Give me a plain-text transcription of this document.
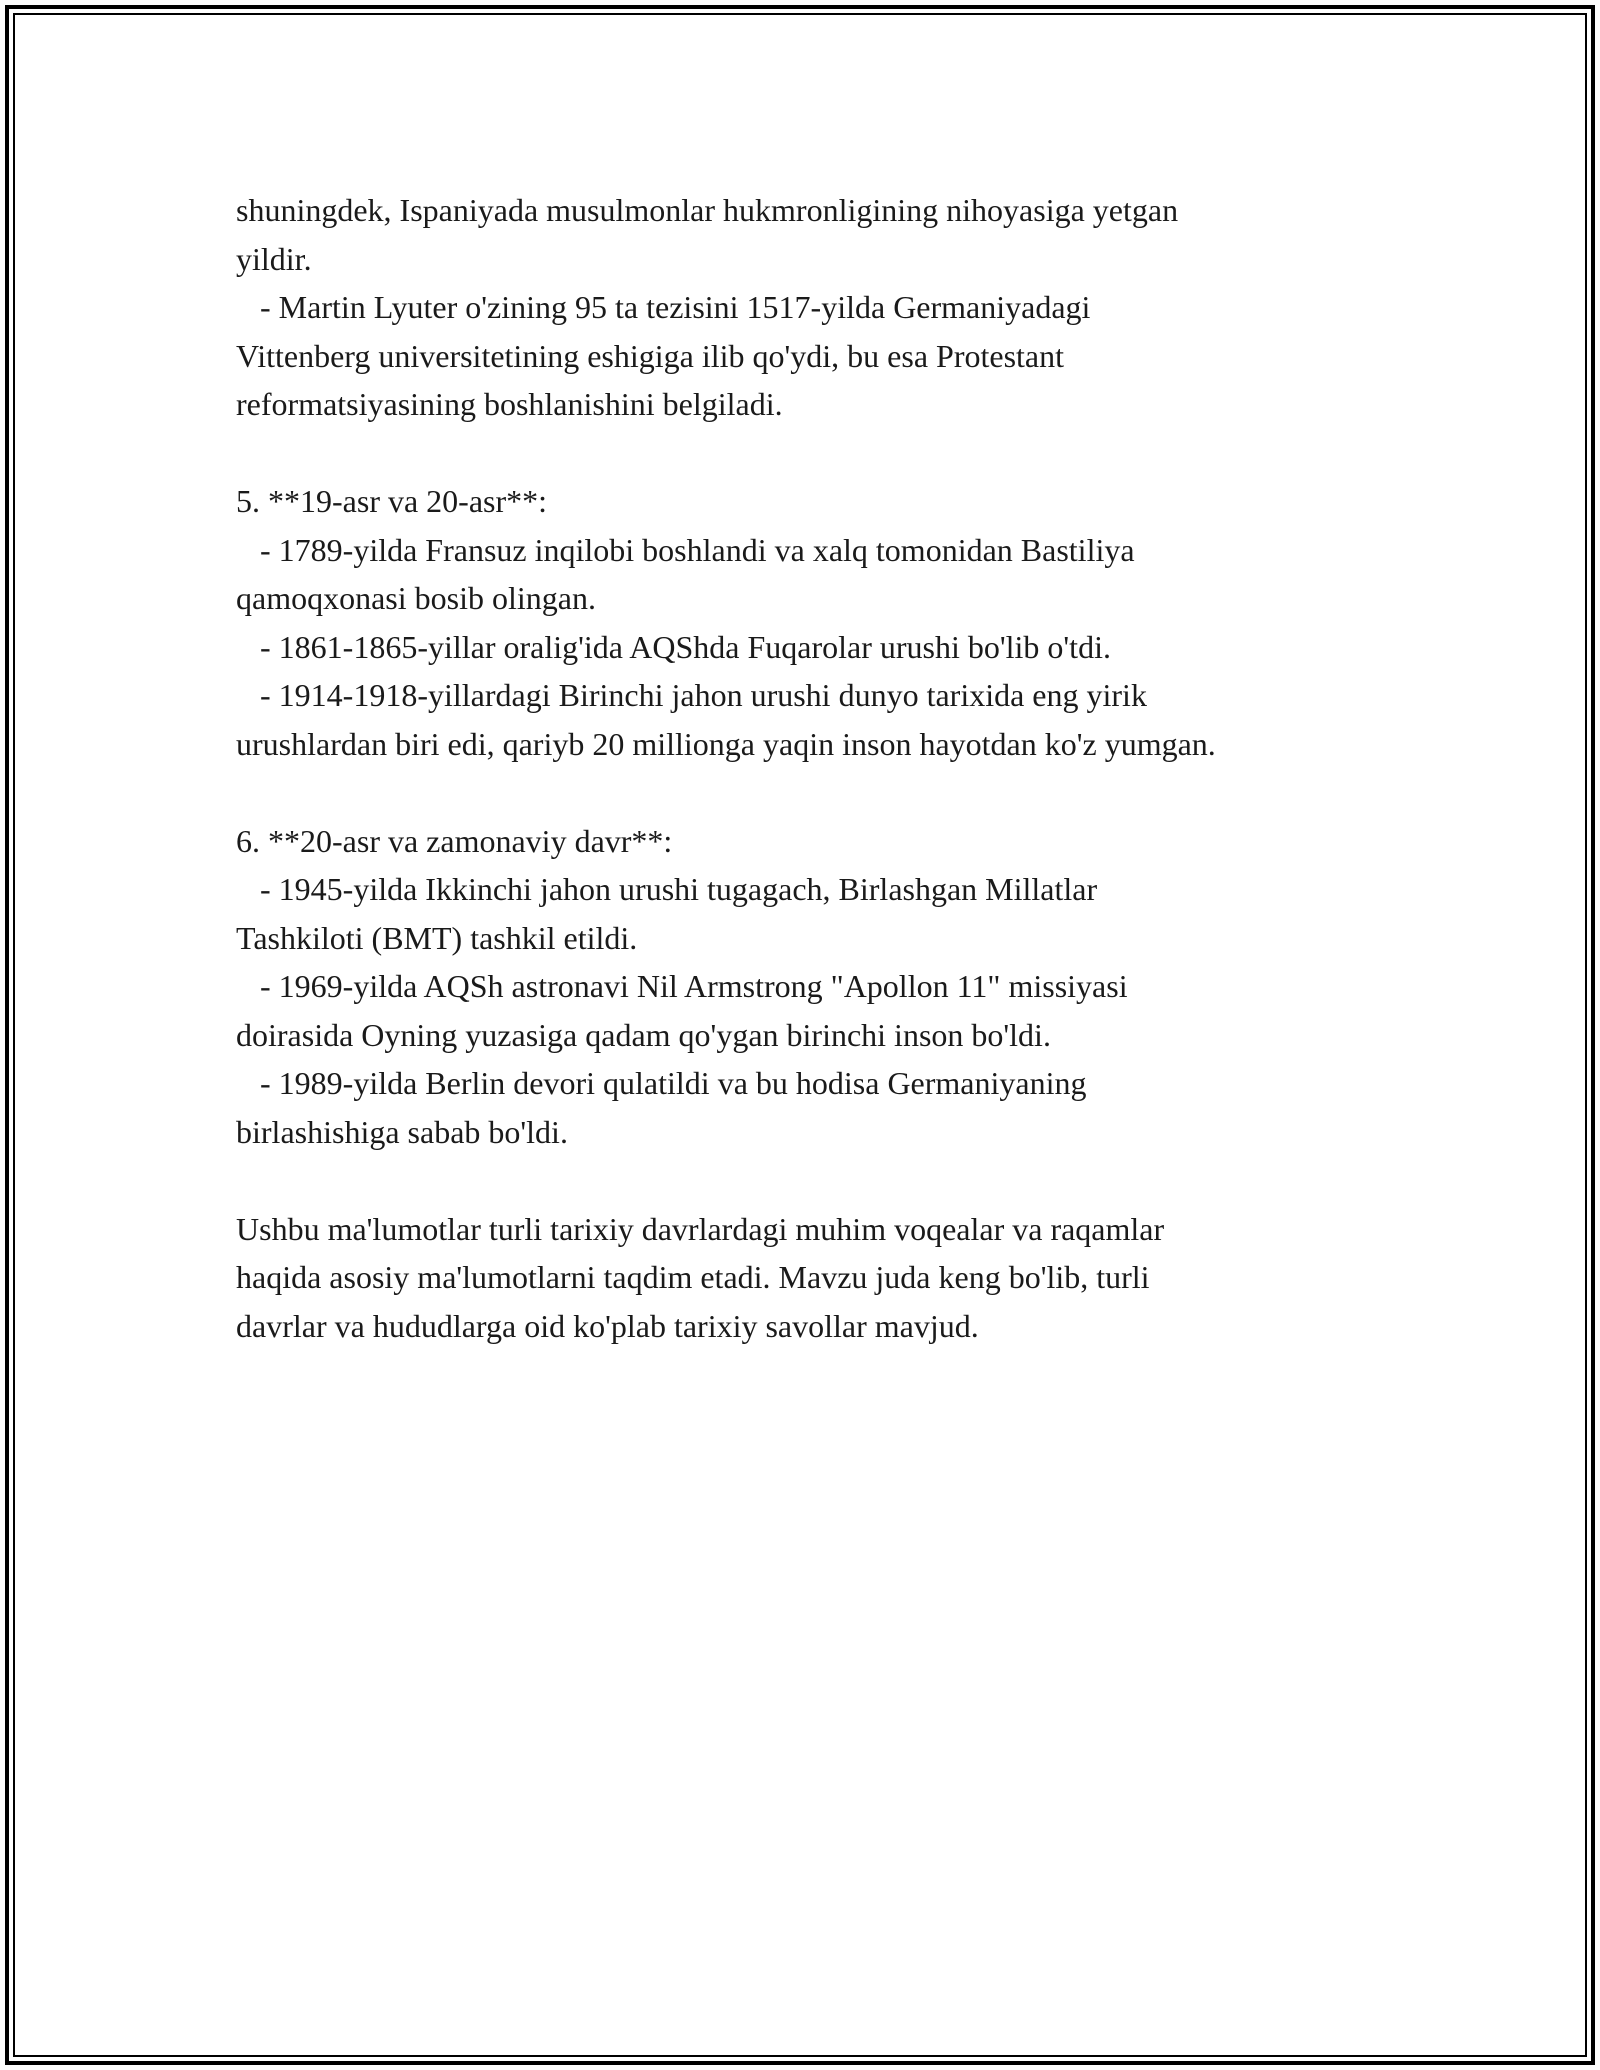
shuningdek, Ispaniyada musulmonlar hukmronligining nihoyasiga yetgan
yildir.
- Martin Lyuter o'zining 95 ta tezisini 1517-yilda Germaniyadagi
Vittenberg universitetining eshigiga ilib qo'ydi, bu esa Protestant
reformatsiyasining boshlanishini belgiladi.
5. **19-asr va 20-asr**:
- 1789-yilda Fransuz inqilobi boshlandi va xalq tomonidan Bastiliya
qamoqxonasi bosib olingan.
- 1861-1865-yillar oralig'ida AQShda Fuqarolar urushi bo'lib o'tdi.
- 1914-1918-yillardagi Birinchi jahon urushi dunyo tarixida eng yirik
urushlardan biri edi, qariyb 20 millionga yaqin inson hayotdan ko'z yumgan.
6. **20-asr va zamonaviy davr**:
- 1945-yilda Ikkinchi jahon urushi tugagach, Birlashgan Millatlar
Tashkiloti (BMT) tashkil etildi.
- 1969-yilda AQSh astronavi Nil Armstrong "Apollon 11" missiyasi
doirasida Oyning yuzasiga qadam qo'ygan birinchi inson bo'ldi.
- 1989-yilda Berlin devori qulatildi va bu hodisa Germaniyaning
birlashishiga sabab bo'ldi.
Ushbu ma'lumotlar turli tarixiy davrlardagi muhim voqealar va raqamlar
haqida asosiy ma'lumotlarni taqdim etadi. Mavzu juda keng bo'lib, turli
davrlar va hududlarga oid ko'plab tarixiy savollar mavjud.
